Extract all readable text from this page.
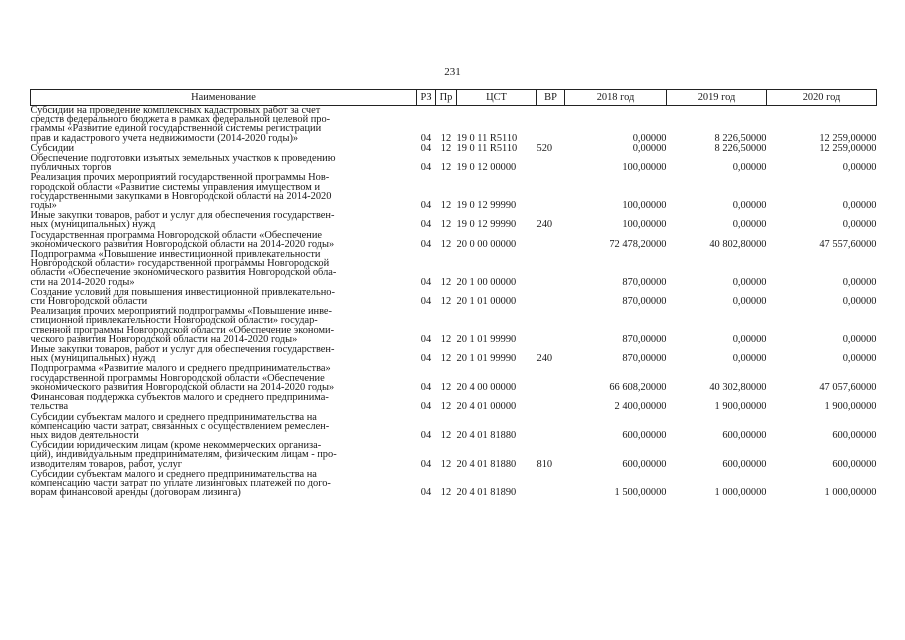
231
Наименование	РЗ	Пр	ЦСТ	ВР	2018 год	2019 год	2020 год

Субсидии на проведение комплексных кадастровых работ за счет
средств федерального бюджета в рамках федеральной целевой про-
граммы «Развитие единой государственной системы регистрации
прав и кадастрового учета недвижимости (2014-2020 годы)»	04	12	19 0 11 R5110		0,00000	8 226,50000	12 259,00000

Субсидии	04	12	19 0 11 R5110	520	0,00000	8 226,50000	12 259,00000

Обеспечение подготовки изъятых земельных участков к проведению
публичных торгов	04	12	19 0 12 00000		100,00000	0,00000	0,00000

Реализация прочих мероприятий государственной программы Нов-
городской области «Развитие системы управления имуществом и
государственными закупками в Новгородской области на 2014-2020
годы»	04	12	19 0 12 99990		100,00000	0,00000	0,00000

Иные закупки товаров, работ и услуг для обеспечения государствен-
ных (муниципальных) нужд	04	12	19 0 12 99990	240	100,00000	0,00000	0,00000

Государственная программа Новгородской области «Обеспечение
экономического развития Новгородской области на 2014-2020 годы»	04	12	20 0 00 00000		72 478,20000	40 802,80000	47 557,60000

Подпрограмма «Повышение инвестиционной привлекательности
Новгородской области» государственной программы Новгородской
области «Обеспечение экономического развития Новгородской обла-
сти на 2014-2020 годы»	04	12	20 1 00 00000		870,00000	0,00000	0,00000

Создание условий для повышения инвестиционной привлекательно-
сти Новгородской области	04	12	20 1 01 00000		870,00000	0,00000	0,00000

Реализация прочих мероприятий подпрограммы «Повышение инве-
стиционной привлекательности Новгородской области» государ-
ственной программы Новгородской области «Обеспечение экономи-
ческого развития Новгородской области на 2014-2020 годы»	04	12	20 1 01 99990		870,00000	0,00000	0,00000

Иные закупки товаров, работ и услуг для обеспечения государствен-
ных (муниципальных) нужд	04	12	20 1 01 99990	240	870,00000	0,00000	0,00000

Подпрограмма «Развитие малого и среднего предпринимательства»
государственной программы Новгородской области «Обеспечение
экономического развития Новгородской области на 2014-2020 годы»	04	12	20 4 00 00000		66 608,20000	40 302,80000	47 057,60000

Финансовая поддержка субъектов малого и среднего предпринима-
тельства	04	12	20 4 01 00000		2 400,00000	1 900,00000	1 900,00000

Субсидии субъектам малого и среднего предпринимательства на
компенсацию части затрат, связанных с осуществлением ремеслен-
ных видов деятельности	04	12	20 4 01 81880		600,00000	600,00000	600,00000

Субсидии юридическим лицам (кроме некоммерческих организа-
ций), индивидуальным предпринимателям, физическим лицам - про-
изводителям товаров, работ, услуг	04	12	20 4 01 81880	810	600,00000	600,00000	600,00000

Субсидии субъектам малого и среднего предпринимательства на
компенсацию части затрат по уплате лизинговых платежей по дого-
ворам финансовой аренды (договорам лизинга)	04	12	20 4 01 81890		1 500,00000	1 000,00000	1 000,00000
